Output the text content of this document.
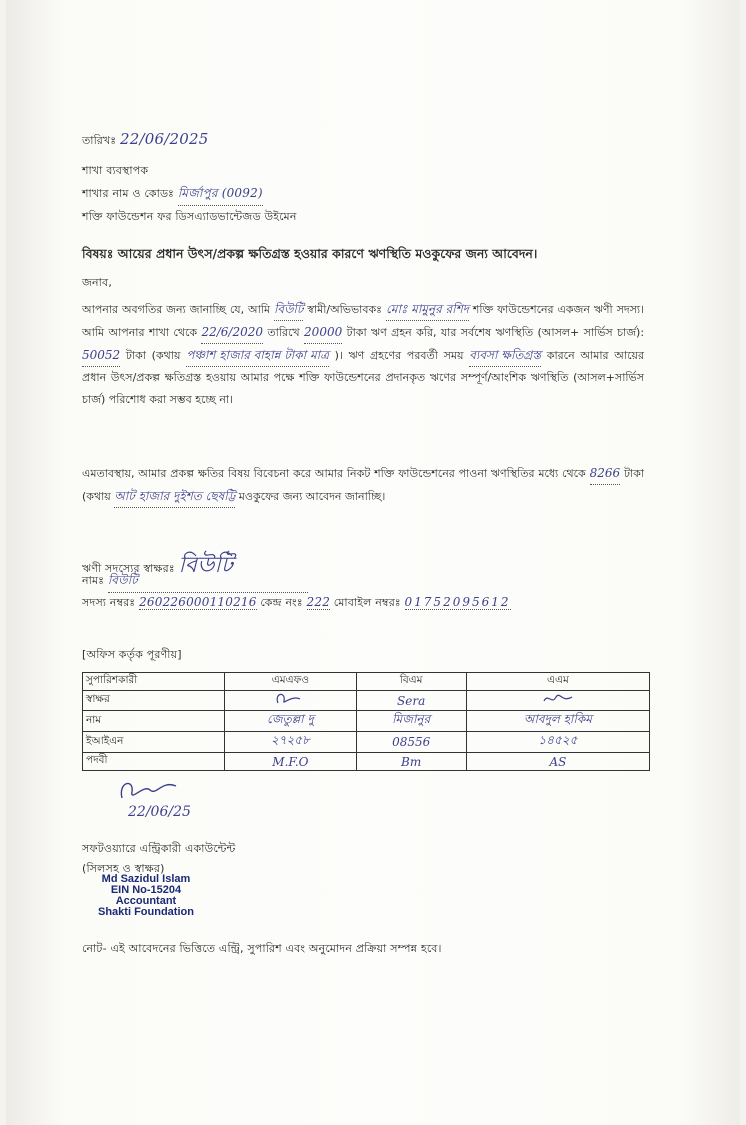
তারিখঃ 22/06/2025
শাখা ব্যবস্থাপক
শাখার নাম ও কোডঃ মির্জাপুর (0092)
শক্তি ফাউন্ডেশন ফর ডিসএ্যাডভান্টেজড উইমেন
বিষয়ঃ আয়ের প্রধান উৎস/প্রকল্প ক্ষতিগ্রস্ত হওয়ার কারণে ঋণস্থিতি মওকুফের জন্য আবেদন।
জনাব,
আপনার অবগতির জন্য জানাচ্ছি যে, আমি বিউটি স্বামী/অভিভাবকঃ মোঃ মামুনুর রশিদ শক্তি ফাউন্ডেশনের একজন ঋণী সদস্য। আমি আপনার শাখা থেকে 22/6/2020 তারিখে 20000 টাকা ঋণ গ্রহন করি, যার সর্বশেষ ঋণস্থিতি (আসল+ সার্ভিস চার্জ): 50052 টাকা (কথায় পঞ্চাশ হাজার বাহান্ন টাকা মাত্র )। ঋণ গ্রহণের পরবর্তী সময় ব্যবসা ক্ষতিগ্রস্ত কারনে আমার আয়ের প্রধান উৎস/প্রকল্প ক্ষতিগ্রস্ত হওয়ায় আমার পক্ষে শক্তি ফাউন্ডেশনের প্রদানকৃত ঋণের সম্পূর্ণ/আংশিক ঋণস্থিতি (আসল+সার্ভিস চার্জ) পরিশোধ করা সম্ভব হচ্ছে না।
এমতাবস্থায়, আমার প্রকল্প ক্ষতির বিষয় বিবেচনা করে আমার নিকট শক্তি ফাউন্ডেশনের পাওনা ঋণস্থিতির মধ্যে থেকে 8266 টাকা (কথায় আট হাজার দুইশত ছেষট্টি মওকুফের জন্য আবেদন জানাচ্ছি।
ঋণী সদস্যের স্বাক্ষরঃ বিউটি
নামঃ বিউটি
সদস্য নম্বরঃ 260226000110216 কেন্দ্র নংঃ 222 মোবাইল নম্বরঃ 01752095612
[অফিস কর্তৃক পূরণীয়]
সুপারিশকারী	এমএফও	বিএম	এএম
স্বাক্ষর		Sera	
নাম	জেতুল্লা দু	মিজানুর	আবদুল হাকিম
ইআইএন	২৭২৫৮	08556	১৪৫২৫
পদবী	M.F.O	Bm	AS
22/06/25
সফটওয়্যারে এন্ট্রিকারী একাউন্টেন্ট
(সিলসহ ও স্বাক্ষর)
Md Sazidul Islam
EIN No-15204
Accountant
Shakti Foundation
নোট- এই আবেদনের ভিত্তিতে এন্ট্রি, সুপারিশ এবং অনুমোদন প্রক্রিয়া সম্পন্ন হবে।
